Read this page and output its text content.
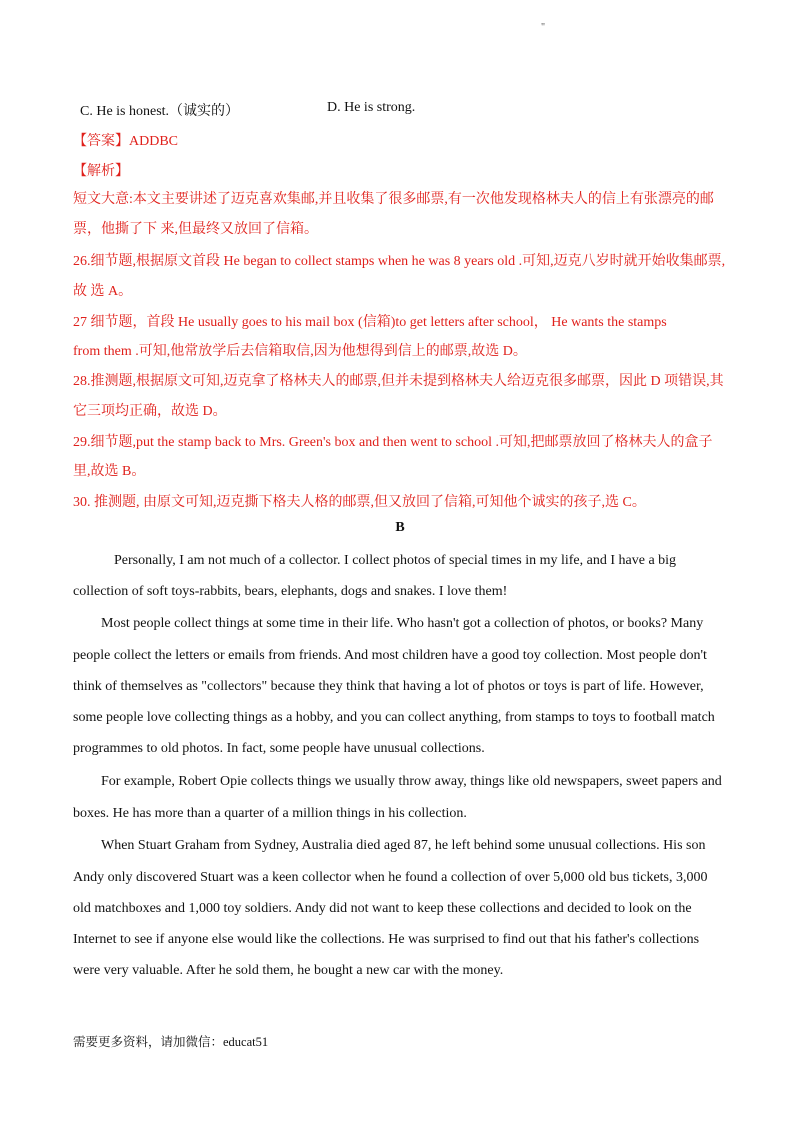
"
C. He is honest.（诚实的）	D. He is strong.
【答案】ADDBC
【解析】
短文大意:本文主要讲述了迈克喜欢集邮,并且收集了很多邮票,有一次他发现格林夫人的信上有张漂亮的邮
票，他撕了下 来,但最终又放回了信箱。
26.细节题,根据原文首段 He began to collect stamps when he was 8 years old .可知,迈克八岁时就开始收集邮票,
故 选 A。
27 细节题，首段 He usually goes to his mail box (信箱)to get letters after school， He wants the stamps
from them .可知,他常放学后去信箱取信,因为他想得到信上的邮票,故选 D。
28.推测题,根据原文可知,迈克拿了格林夫人的邮票,但并未提到格林夫人给迈克很多邮票，因此 D 项错误,其
它三项均正确，故选 D。
29.细节题,put the stamp back to Mrs. Green's box and then went to school .可知,把邮票放回了格林夫人的盒子
里,故选 B。
30. 推测题, 由原文可知,迈克撕下格夫人格的邮票,但又放回了信箱,可知他个诚实的孩子,选 C。
B
Personally, I am not much of a collector. I collect photos of special times in my life, and I have a big
collection of soft toys-rabbits, bears, elephants, dogs and snakes. I love them!
Most people collect things at some time in their life. Who hasn't got a collection of photos, or books? Many
people collect the letters or emails from friends. And most children have a good toy collection. Most people don't
think of themselves as "collectors" because they think that having a lot of photos or toys is part of life. However,
some people love collecting things as a hobby, and you can collect anything, from stamps to toys to football match
programmes to old photos. In fact, some people have unusual collections.
For example, Robert Opie collects things we usually throw away, things like old newspapers, sweet papers and
boxes. He has more than a quarter of a million things in his collection.
When Stuart Graham from Sydney, Australia died aged 87, he left behind some unusual collections. His son
Andy only discovered Stuart was a keen collector when he found a collection of over 5,000 old bus tickets, 3,000
old matchboxes and 1,000 toy soldiers. Andy did not want to keep these collections and decided to look on the
Internet to see if anyone else would like the collections. He was surprised to find out that his father's collections
were very valuable. After he sold them, he bought a new car with the money.
需要更多资料，请加微信：educat51
